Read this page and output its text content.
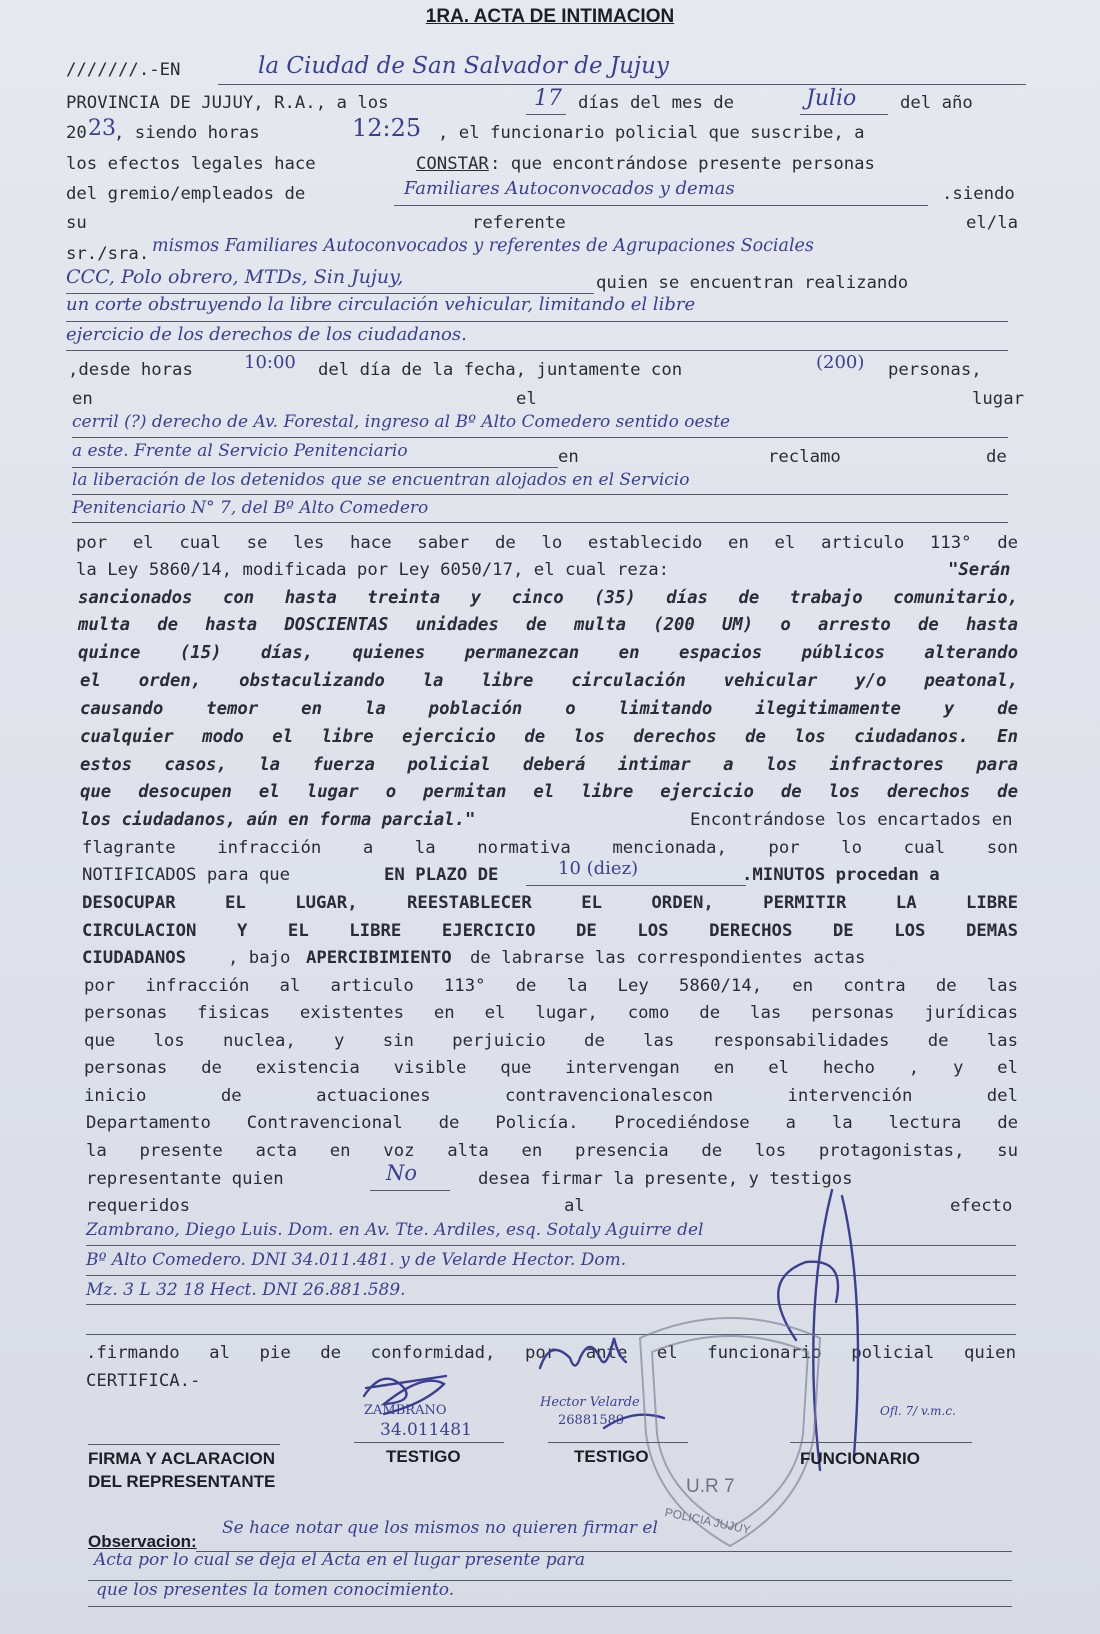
1RA. ACTA DE INTIMACION
///////.-EN	la Ciudad de San Salvador de Jujuy
PROVINCIA DE JUJUY, R.A., a los	17 días del mes de	Julio	del año
20 23
, siendo horas	12:25 , el funcionario policial que suscribe, a
los efectos legales hace	CONSTAR : que encontrándose presente personas
del gremio/empleados de	Familiares Autoconvocados y demas	.siendo
su	referente	el/la
sr./sra. mismos Familiares Autoconvocados y referentes de Agrupaciones Sociales
CCC, Polo obrero, MTDs, Sin Jujuy,	quien se encuentran realizando
un corte obstruyendo la libre circulación vehicular, limitando el libre
ejercicio de los derechos de los ciudadanos.
,desde horas	10:00 del día de la fecha, juntamente con	(200) personas,
en	el	lugar
cerril (?) derecho de Av. Forestal, ingreso al Bº Alto Comedero sentido oeste
a este. Frente al Servicio Penitenciario	en	reclamo	de
la liberación de los detenidos que se encuentran alojados en el Servicio
Penitenciario N° 7, del Bº Alto Comedero
por el cual se les hace saber de lo establecido en el articulo 113° de
la Ley 5860/14, modificada por Ley 6050/17, el cual reza:	"Serán
sancionados con hasta treinta y cinco (35) días de trabajo comunitario,
multa de hasta DOSCIENTAS unidades de multa (200 UM) o arresto de hasta
quince (15) días, quienes permanezcan en espacios públicos alterando
el orden, obstaculizando la libre circulación vehicular y/o peatonal,
causando temor en la población o limitando ilegitimamente y de
cualquier modo el libre ejercicio de los derechos de los ciudadanos. En
estos casos, la fuerza policial deberá intimar a los infractores para
que desocupen el lugar o permitan el libre ejercicio de los derechos de
los ciudadanos, aún en forma parcial."	Encontrándose los encartados en
flagrante infracción a la normativa mencionada, por lo cual son
NOTIFICADOS para que	EN PLAZO DE	10 (diez)	.MINUTOS procedan a
DESOCUPAR EL LUGAR, REESTABLECER EL ORDEN, PERMITIR LA LIBRE
CIRCULACION Y EL LIBRE EJERCICIO DE LOS DERECHOS DE LOS DEMAS
CIUDADANOS , bajo APERCIBIMIENTO de labrarse las correspondientes actas
por infracción al articulo 113° de la Ley 5860/14, en contra de las
personas fisicas existentes en el lugar, como de las personas jurídicas
que los nuclea, y sin perjuicio de las responsabilidades de las
personas de existencia visible que intervengan en el hecho , y el
inicio de actuaciones contravencionalescon intervención del
Departamento Contravencional de Policía. Procediéndose a la lectura de
la presente acta en voz alta en presencia de los protagonistas, su
representante quien	No	desea firmar la presente, y testigos
requeridos	al	efecto
Zambrano, Diego Luis. Dom. en Av. Tte. Ardiles, esq. Sotaly Aguirre del
Bº Alto Comedero. DNI 34.011.481. y de Velarde Hector. Dom.
Mz. 3 L 32 18 Hect. DNI 26.881.589.
.firmando al pie de conformidad, por ante el funcionario policial quien
CERTIFICA.-
ZAMBRANO
34.011481
Hector Velarde
26881589
Ofl. 7/ v.m.c.
FIRMA Y ACLARACION
DEL REPRESENTANTE
TESTIGO	TESTIGO	FUNCIONARIO
U.R 7
POLICIA JUJUY
Observacion:
Se hace notar que los mismos no quieren firmar el
Acta por lo cual se deja el Acta en el lugar presente para
que los presentes la tomen conocimiento.
